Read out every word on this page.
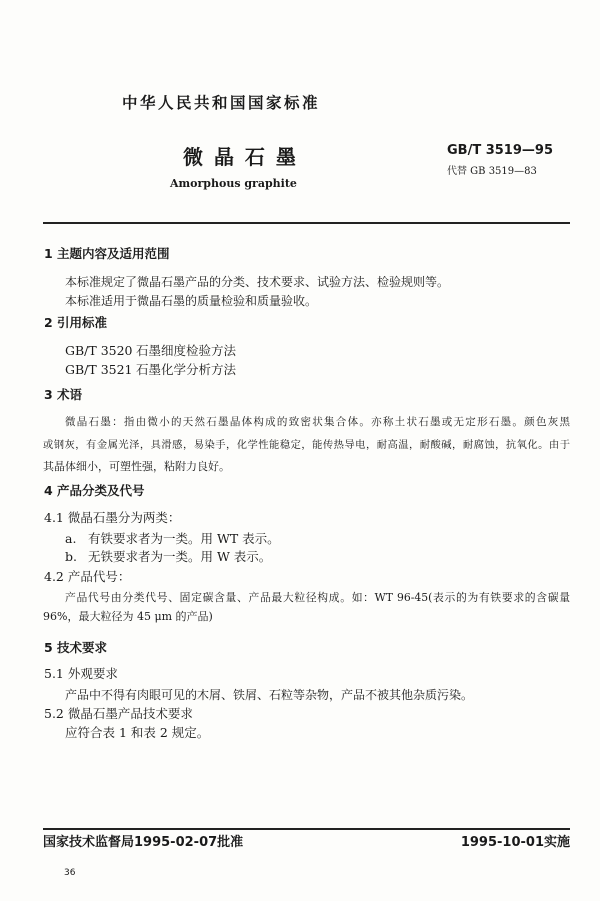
中华人民共和国国家标准
GB/T 3519—95
微 晶 石 墨
代替 GB 3519—83
Amorphous graphite
1 主题内容及适用范围
本标准规定了微晶石墨产品的分类、技术要求、试验方法、检验规则等。
本标准适用于微晶石墨的质量检验和质量验收。
2 引用标准
GB/T 3520 石墨细度检验方法
GB/T 3521 石墨化学分析方法
3 术语
微晶石墨：指由微小的天然石墨晶体构成的致密状集合体。亦称土状石墨或无定形石墨。颜色灰黑
或钢灰，有金属光泽，具滑感，易染手，化学性能稳定，能传热导电，耐高温，耐酸碱，耐腐蚀，抗氧化。由于
其晶体细小，可塑性强，粘附力良好。
4 产品分类及代号
4.1 微晶石墨分为两类：
a. 有铁要求者为一类。用 WT 表示。
b. 无铁要求者为一类。用 W 表示。
4.2 产品代号：
产品代号由分类代号、固定碳含量、产品最大粒径构成。如：WT 96-45(表示的为有铁要求的含碳量
96%，最大粒径为 45 μm 的产品)
5 技术要求
5.1 外观要求
产品中不得有肉眼可见的木屑、铁屑、石粒等杂物，产品不被其他杂质污染。
5.2 微晶石墨产品技术要求
应符合表 1 和表 2 规定。
国家技术监督局1995-02-07批准	1995-10-01实施
36
